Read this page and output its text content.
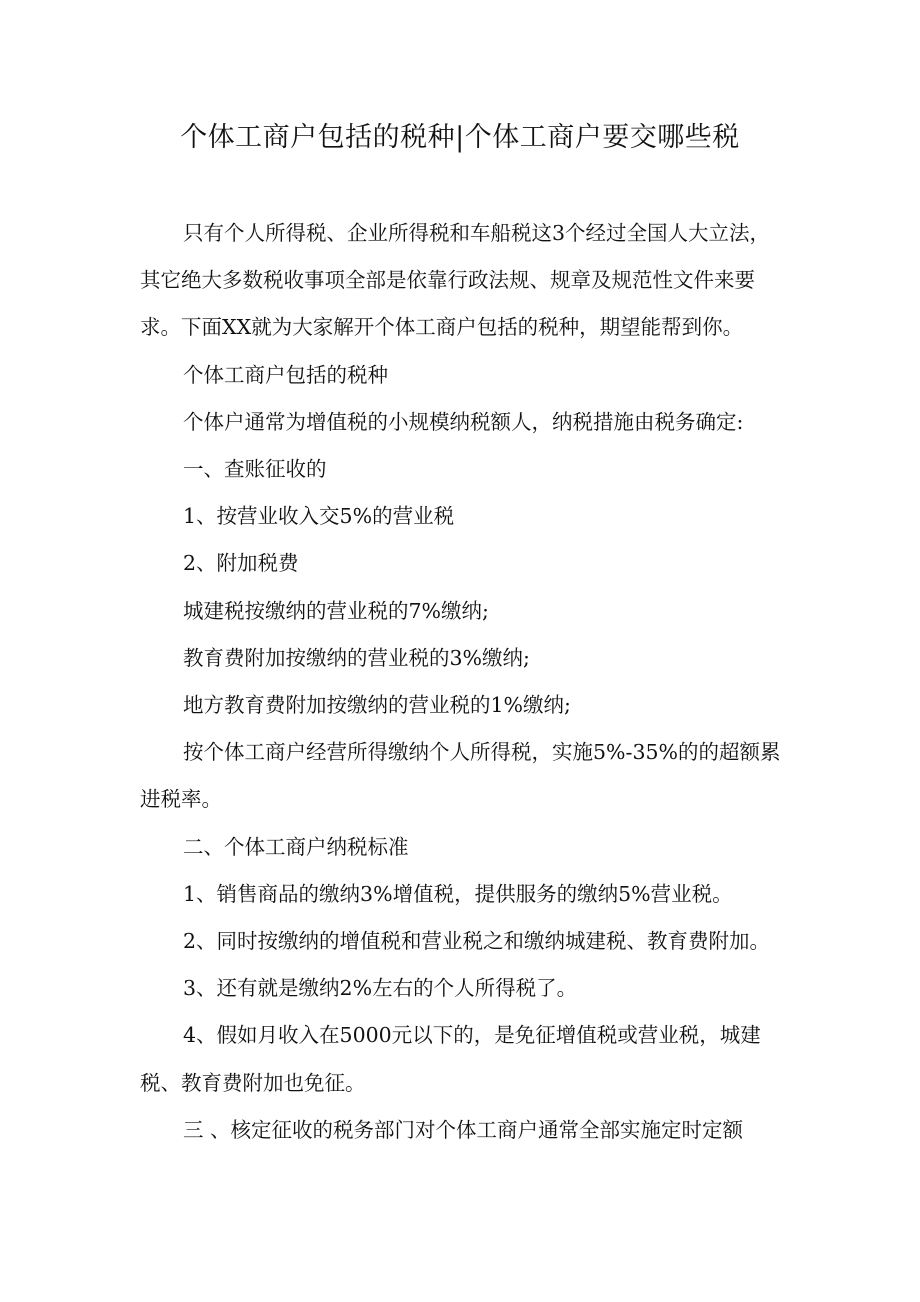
个体工商户包括的税种|个体工商户要交哪些税

只有个人所得税、企业所得税和车船税这3个经过全国人大立法，其它绝大多数税收事项全部是依靠行政法规、规章及规范性文件来要求。下面XX就为大家解开个体工商户包括的税种，期望能帮到你。

个体工商户包括的税种

个体户通常为增值税的小规模纳税额人，纳税措施由税务确定:

一、查账征收的

1、按营业收入交5%的营业税

2、附加税费

城建税按缴纳的营业税的7%缴纳;

教育费附加按缴纳的营业税的3%缴纳;

地方教育费附加按缴纳的营业税的1%缴纳;

按个体工商户经营所得缴纳个人所得税，实施5%-35%的的超额累进税率。

二、个体工商户纳税标准

1、销售商品的缴纳3%增值税，提供服务的缴纳5%营业税。

2、同时按缴纳的增值税和营业税之和缴纳城建税、教育费附加。

3、还有就是缴纳2%左右的个人所得税了。

4、假如月收入在5000元以下的，是免征增值税或营业税，城建税、教育费附加也免征。

三 、核定征收的税务部门对个体工商户通常全部实施定时定额
